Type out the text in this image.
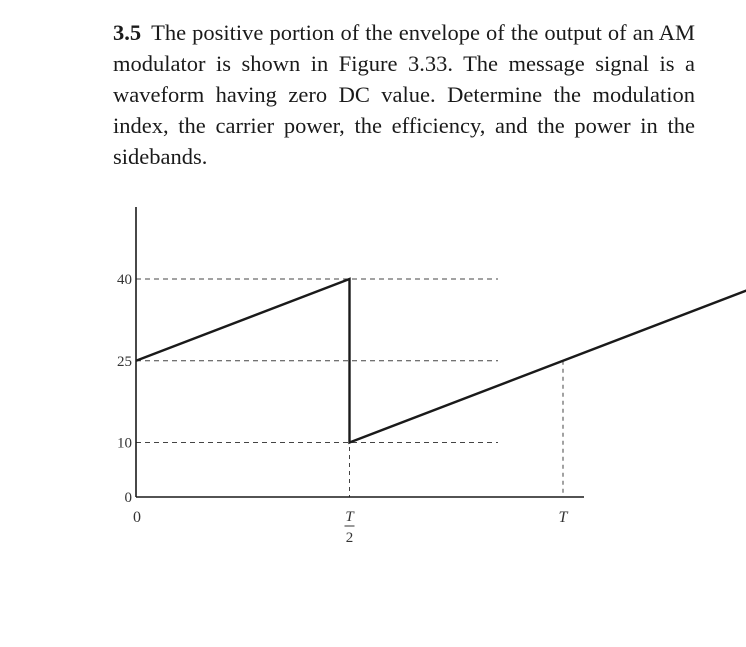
3.5 The positive portion of the envelope of the output of an AM modulator is shown in Figure 3.33. The message signal is a waveform having zero DC value. Determine the modulation index, the carrier power, the efficiency, and the power in the sidebands.
0
10
25
40
0	T
2
T
